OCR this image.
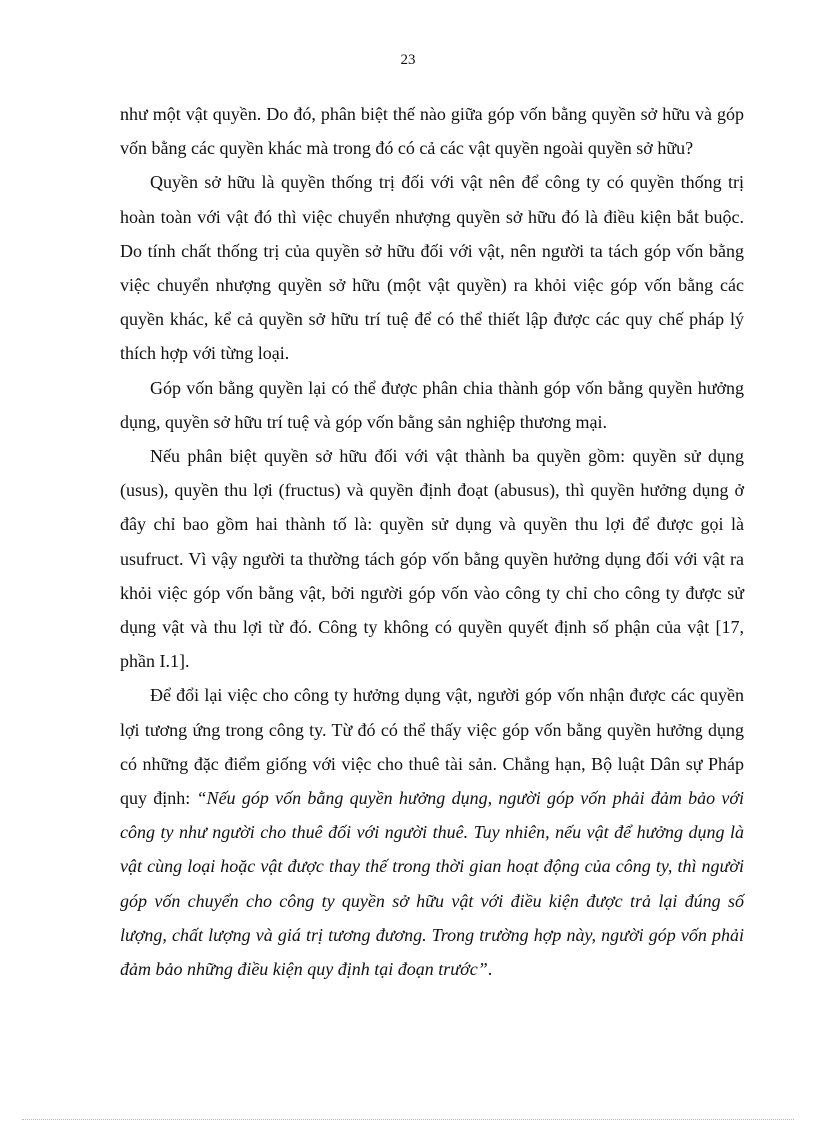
23

như một vật quyền. Do đó, phân biệt thế nào giữa góp vốn bằng quyền sở hữu và góp vốn bằng các quyền khác mà trong đó có cả các vật quyền ngoài quyền sở hữu?

Quyền sở hữu là quyền thống trị đối với vật nên để công ty có quyền thống trị hoàn toàn với vật đó thì việc chuyển nhượng quyền sở hữu đó là điều kiện bắt buộc. Do tính chất thống trị của quyền sở hữu đối với vật, nên người ta tách góp vốn bằng việc chuyển nhượng quyền sở hữu (một vật quyền) ra khỏi việc góp vốn bằng các quyền khác, kể cả quyền sở hữu trí tuệ để có thể thiết lập được các quy chế pháp lý thích hợp với từng loại.

Góp vốn bằng quyền lại có thể được phân chia thành góp vốn bằng quyền hưởng dụng, quyền sở hữu trí tuệ và góp vốn bằng sản nghiệp thương mại.

Nếu phân biệt quyền sở hữu đối với vật thành ba quyền gồm: quyền sử dụng (usus), quyền thu lợi (fructus) và quyền định đoạt (abusus), thì quyền hưởng dụng ở đây chỉ bao gồm hai thành tố là: quyền sử dụng và quyền thu lợi để được gọi là usufruct. Vì vậy người ta thường tách góp vốn bằng quyền hưởng dụng đối với vật ra khỏi việc góp vốn bằng vật, bởi người góp vốn vào công ty chỉ cho công ty được sử dụng vật và thu lợi từ đó. Công ty không có quyền quyết định số phận của vật [17, phần I.1].

Để đổi lại việc cho công ty hưởng dụng vật, người góp vốn nhận được các quyền lợi tương ứng trong công ty. Từ đó có thể thấy việc góp vốn bằng quyền hưởng dụng có những đặc điểm giống với việc cho thuê tài sản. Chẳng hạn, Bộ luật Dân sự Pháp quy định: “Nếu góp vốn bằng quyền hưởng dụng, người góp vốn phải đảm bảo với công ty như người cho thuê đối với người thuê. Tuy nhiên, nếu vật để hưởng dụng là vật cùng loại hoặc vật được thay thế trong thời gian hoạt động của công ty, thì người góp vốn chuyển cho công ty quyền sở hữu vật với điều kiện được trả lại đúng số lượng, chất lượng và giá trị tương đương. Trong trường hợp này, người góp vốn phải đảm bảo những điều kiện quy định tại đoạn trước”.
